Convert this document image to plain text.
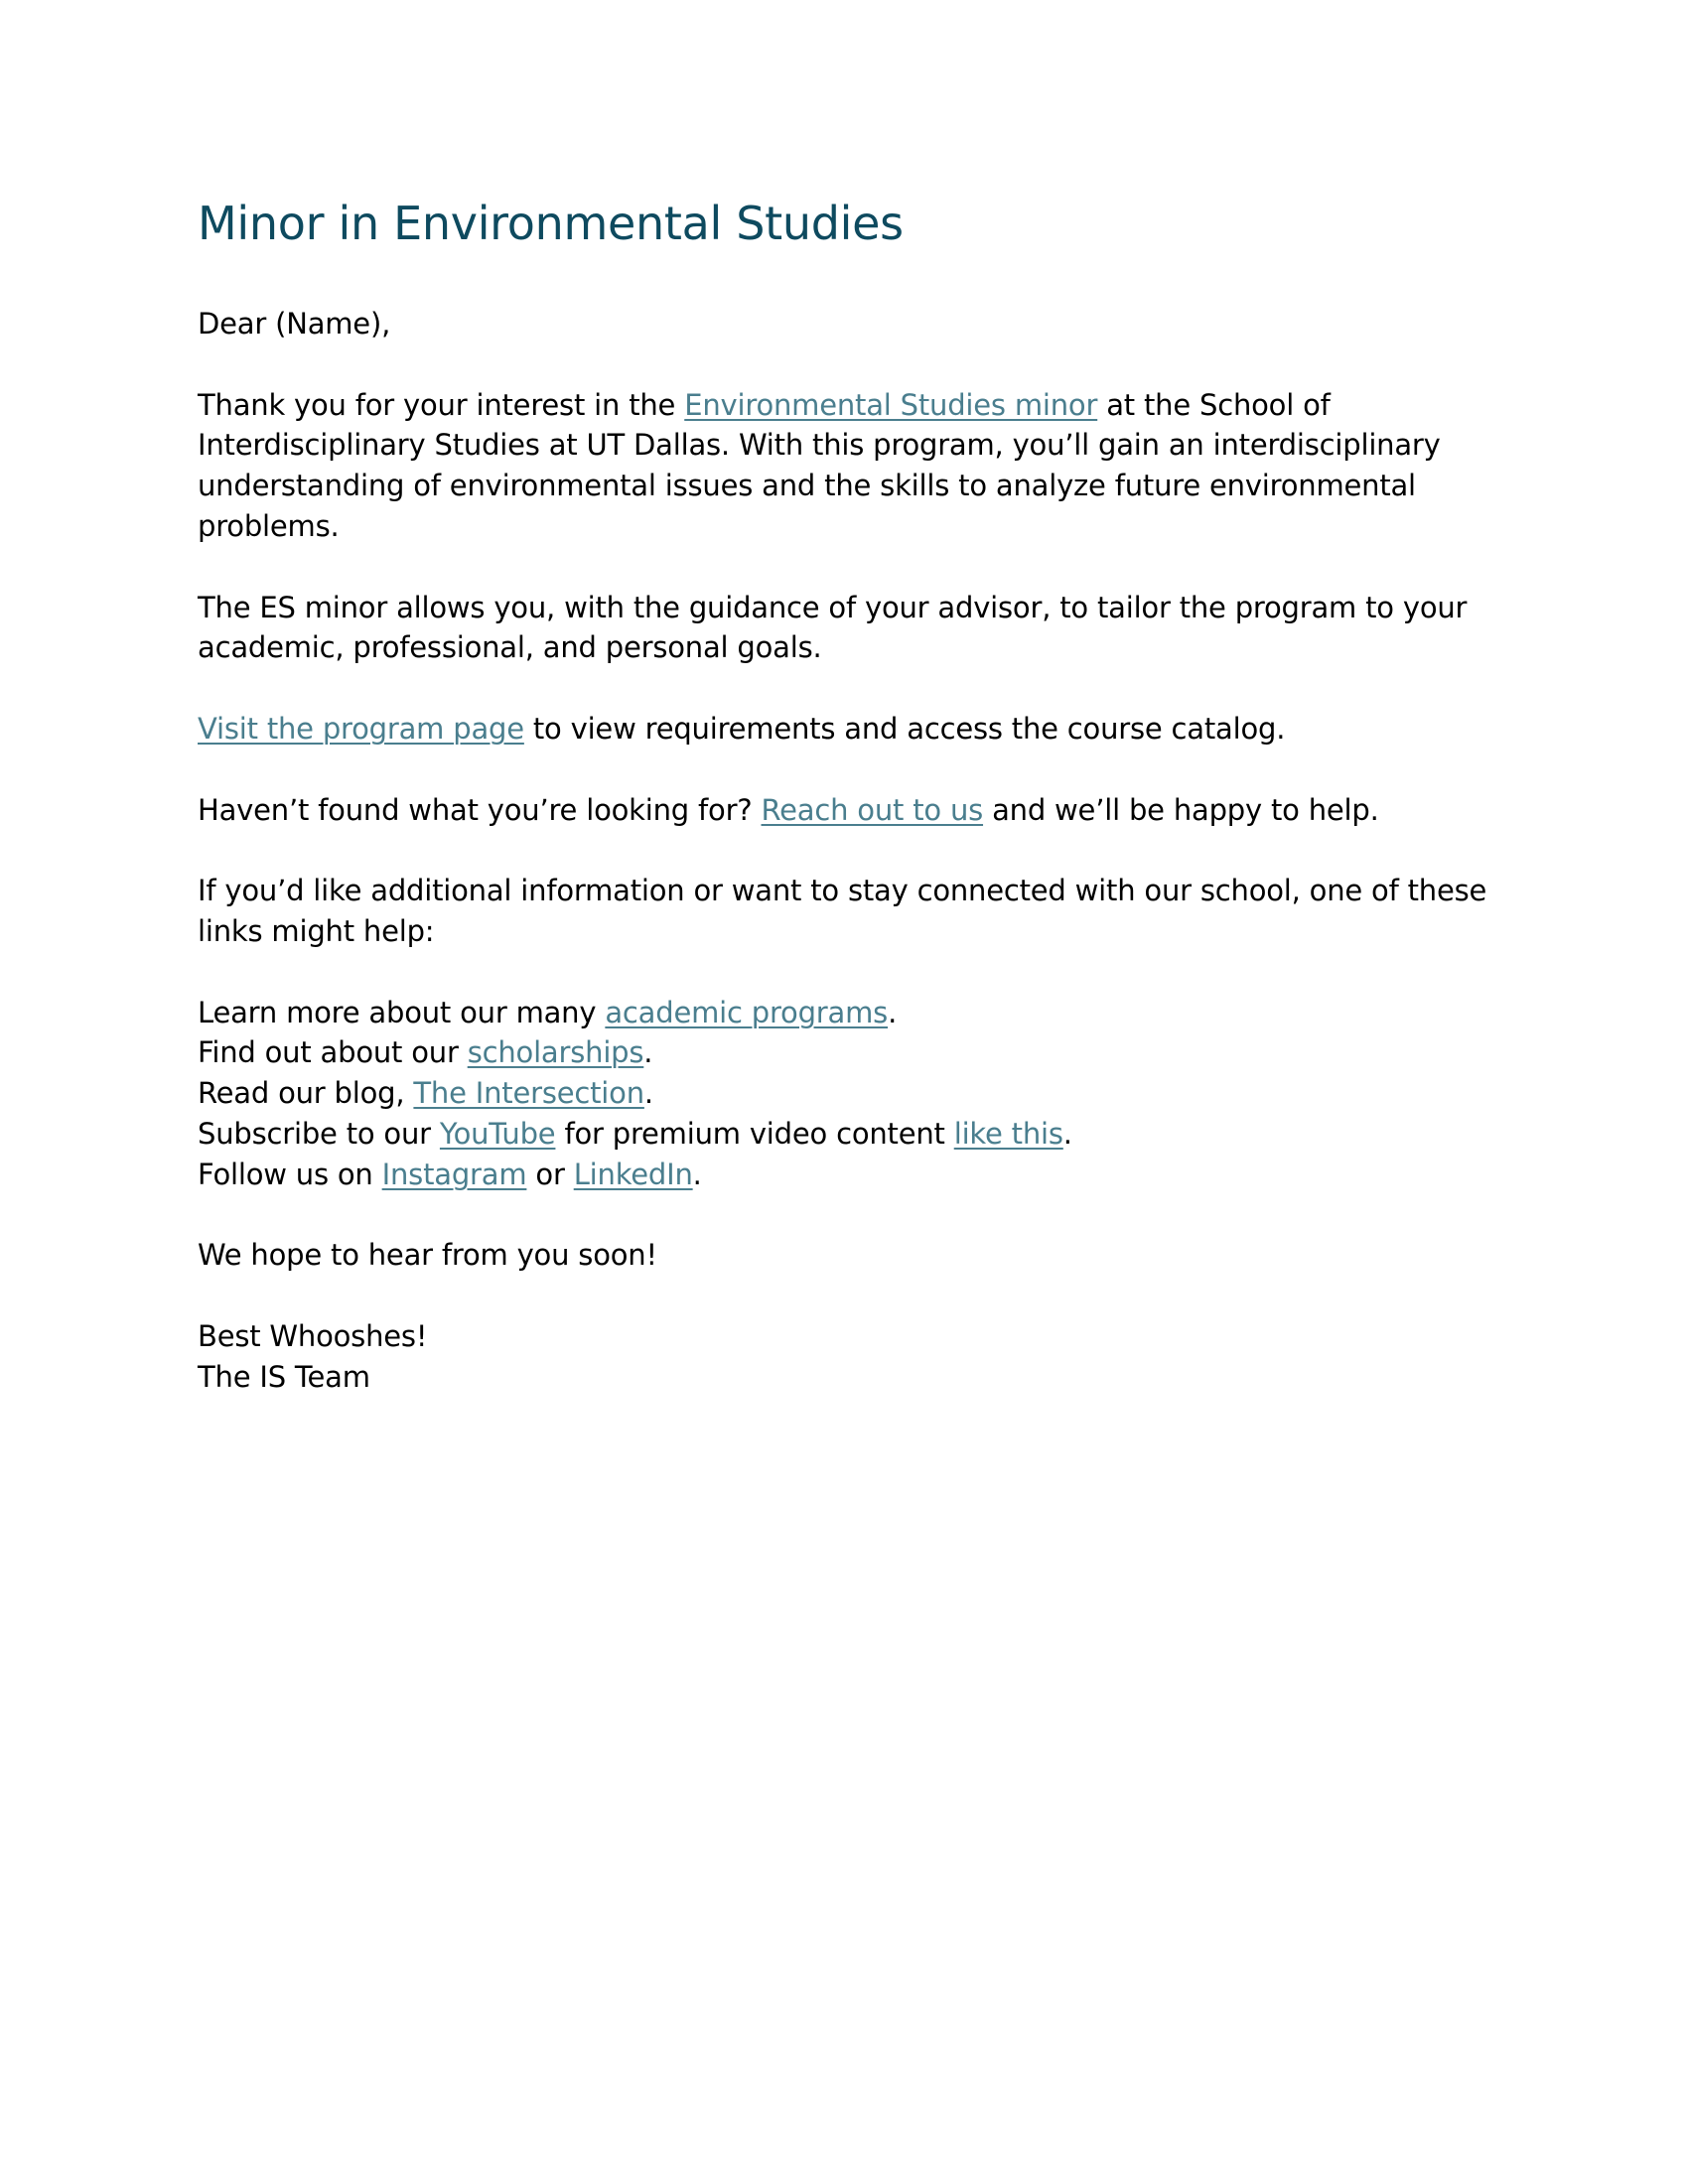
Minor in Environmental Studies

Dear (Name),

Thank you for your interest in the Environmental Studies minor at the School of Interdisciplinary Studies at UT Dallas. With this program, you’ll gain an interdisciplinary understanding of environmental issues and the skills to analyze future environmental problems.

The ES minor allows you, with the guidance of your advisor, to tailor the program to your academic, professional, and personal goals.

Visit the program page to view requirements and access the course catalog.

Haven’t found what you’re looking for? Reach out to us and we’ll be happy to help.

If you’d like additional information or want to stay connected with our school, one of these links might help:

Learn more about our many academic programs.

Find out about our scholarships.

Read our blog, The Intersection.

Subscribe to our YouTube for premium video content like this.

Follow us on Instagram or LinkedIn.

We hope to hear from you soon!

Best Whooshes!

The IS Team
